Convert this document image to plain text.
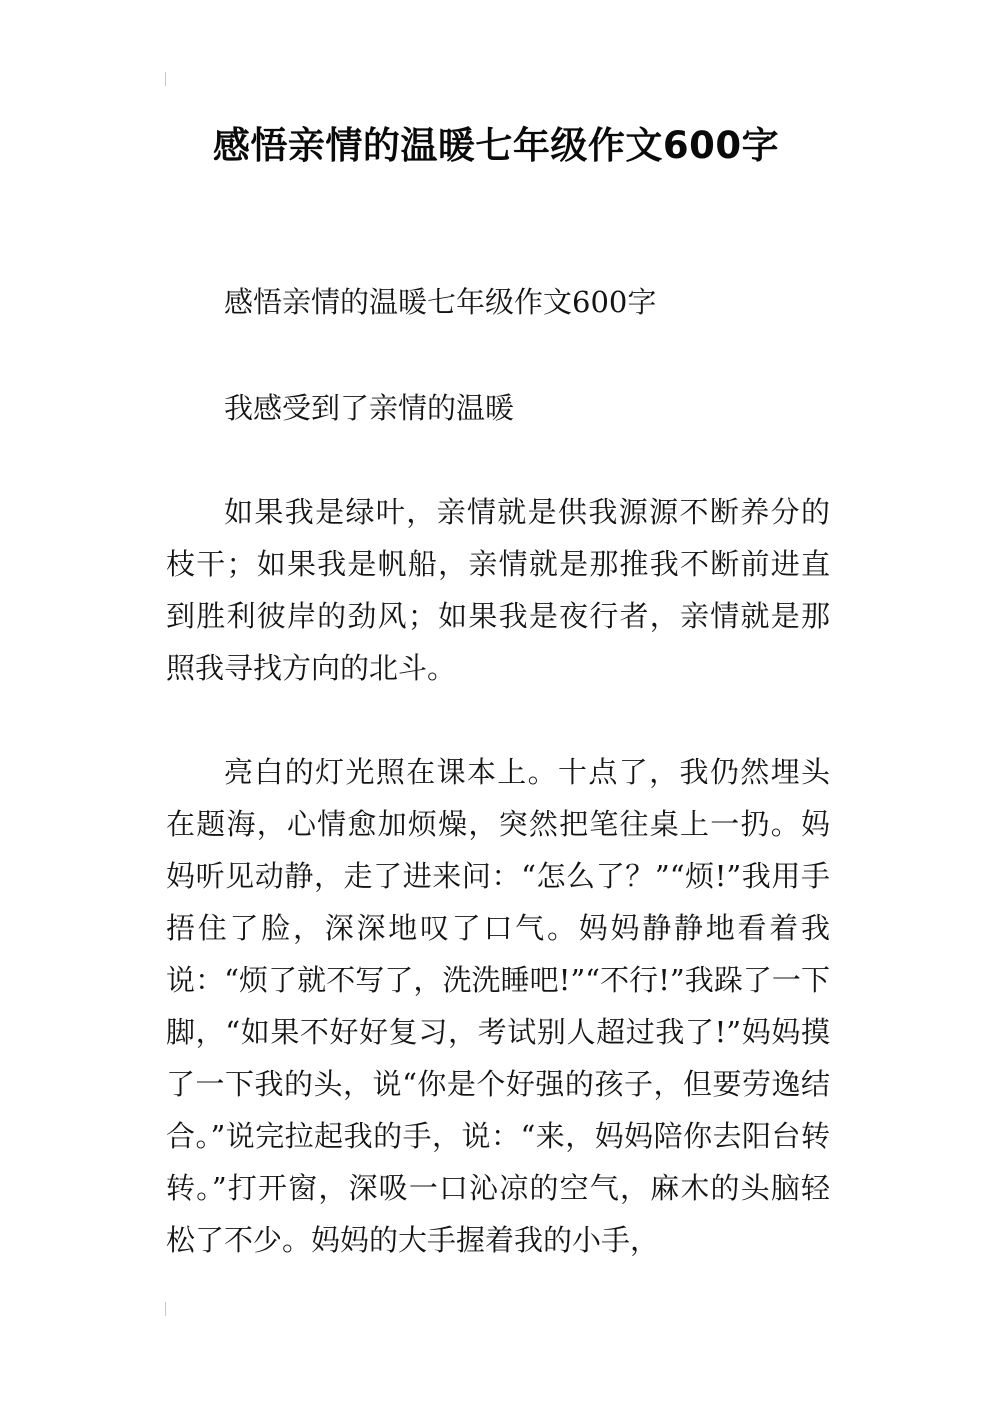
感悟亲情的温暖七年级作文600字

感悟亲情的温暖七年级作文600字

我感受到了亲情的温暖

如果我是绿叶，亲情就是供我源源不断养分的枝干；如果我是帆船，亲情就是那推我不断前进直到胜利彼岸的劲风；如果我是夜行者，亲情就是那照我寻找方向的北斗。

亮白的灯光照在课本上。十点了，我仍然埋头在题海，心情愈加烦燥，突然把笔往桌上一扔。妈妈听见动静，走了进来问：“怎么了？”“烦!”我用手捂住了脸，深深地叹了口气。妈妈静静地看着我说：“烦了就不写了，洗洗睡吧!”“不行!”我跺了一下脚，“如果不好好复习，考试别人超过我了!”妈妈摸了一下我的头，说“你是个好强的孩子，但要劳逸结合。”说完拉起我的手，说：“来，妈妈陪你去阳台转转。”打开窗，深吸一口沁凉的空气，麻木的头脑轻松了不少。妈妈的大手握着我的小手，
